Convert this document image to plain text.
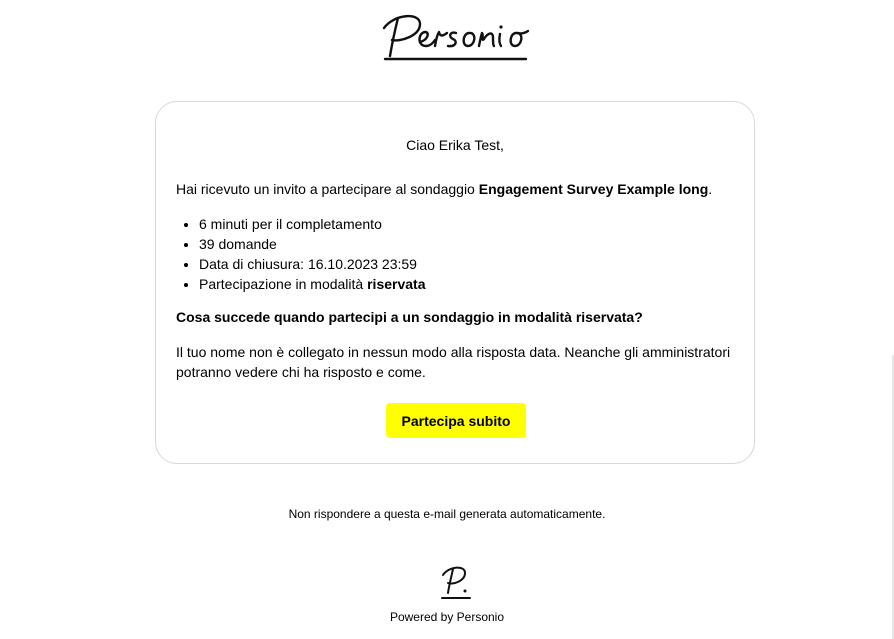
Ciao Erika Test,
Hai ricevuto un invito a partecipare al sondaggio Engagement Survey Example long.
• 6 minuti per il completamento
• 39 domande
• Data di chiusura: 16.10.2023 23:59
• Partecipazione in modalità riservata
Cosa succede quando partecipi a un sondaggio in modalità riservata?
Il tuo nome non è collegato in nessun modo alla risposta data. Neanche gli amministratori potranno vedere chi ha risposto e come.
Partecipa subito
Non rispondere a questa e-mail generata automaticamente.
Powered by Personio
